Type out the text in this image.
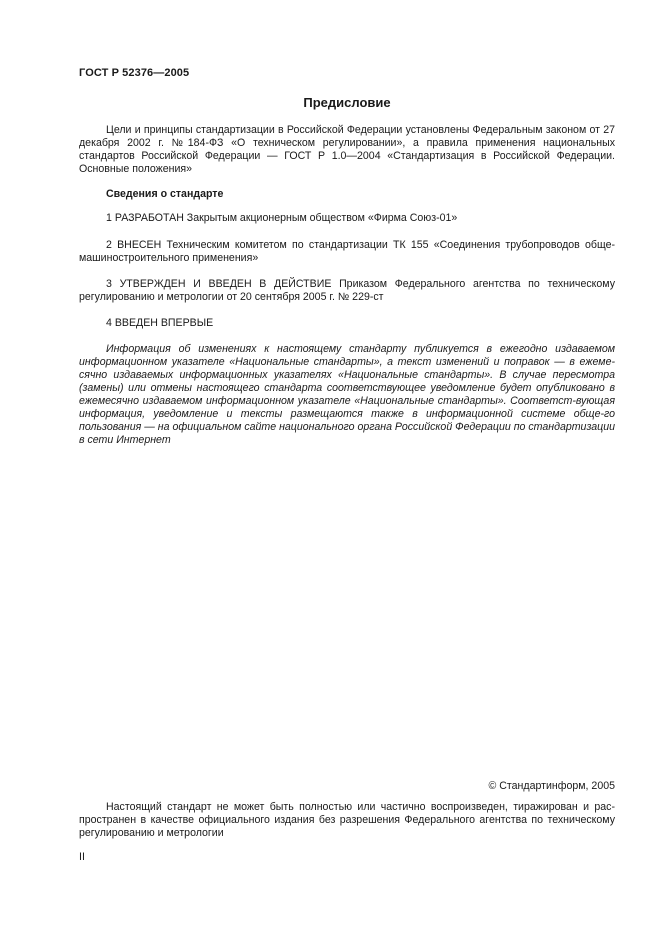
ГОСТ Р 52376—2005
Предисловие

Цели и принципы стандартизации в Российской Федерации установлены Федеральным законом от 27 декабря 2002 г. №184-ФЗ «О техническом регулировании», а правила применения национальных стандартов Российской Федерации — ГОСТ Р 1.0—2004 «Стандартизация в Российской Федерации. Основные положения»

Сведения о стандарте

1 РАЗРАБОТАН Закрытым акционерным обществом «Фирма Союз-01»

2 ВНЕСЕН Техническим комитетом по стандартизации ТК 155 «Соединения трубопроводов обще-машиностроительного применения»

3 УТВЕРЖДЕН И ВВЕДЕН В ДЕЙСТВИЕ Приказом Федерального агентства по техническому регулированию и метрологии от 20 сентября 2005 г. № 229-ст

4 ВВЕДЕН ВПЕРВЫЕ

Информация об изменениях к настоящему стандарту публикуется в ежегодно издаваемом информационном указателе «Национальные стандарты», а текст изменений и поправок — в ежеме-сячно издаваемых информационных указателях «Национальные стандарты». В случае пересмотра (замены) или отмены настоящего стандарта соответствующее уведомление будет опубликовано в ежемесячно издаваемом информационном указателе «Национальные стандарты». Соответст-вующая информация, уведомление и тексты размещаются также в информационной системе обще-го пользования — на официальном сайте национального органа Российской Федерации по стандартизации в сети Интернет

© Стандартинформ, 2005

Настоящий стандарт не может быть полностью или частично воспроизведен, тиражирован и рас-пространен в качестве официального издания без разрешения Федерального агентства по техническому регулированию и метрологии

II
